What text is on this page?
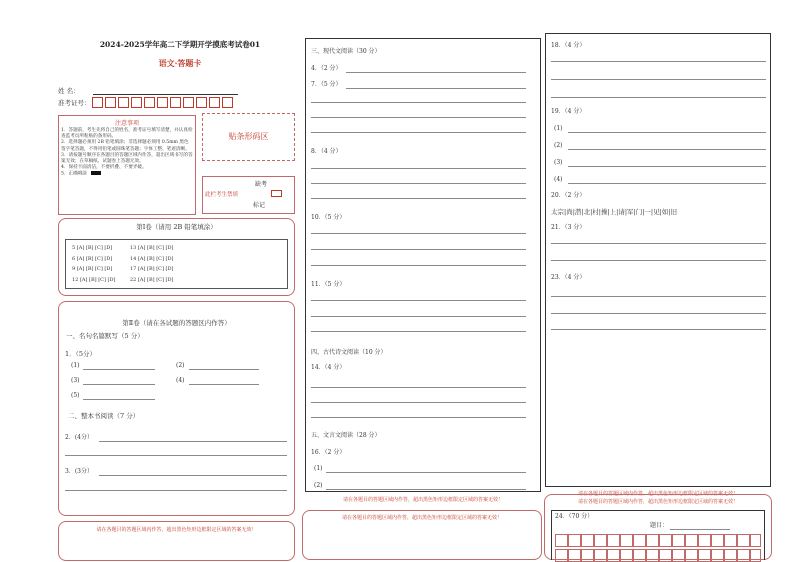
2024-2025学年高二下学期开学摸底考试卷01
语文·答题卡
姓 名：
准考证号：
注意事项
1．答题前，考生先将自己的姓名，准考证号填写清楚，并认真检查监考员所粘贴的条形码。
2．选择题必须用 2B 铅笔填涂；非选择题必须用 0.5mm 黑色签字笔答题，不得用铅笔或圆珠笔答题；字体工整、笔迹清晰。
3．请按题号顺序在各题目的答题区域内作答，超出区域书写的答案无效；在草稿纸、试题卷上答题无效。
4．保持卡面清洁，不要折叠、不要弄破。
5．正确填涂
贴条形码区
此栏考生禁填
缺考
标记
第Ⅰ卷（请用 2B 铅笔填涂）
5 [A] [B] [C] [D]
6 [A] [B] [C] [D]
9 [A] [B] [C] [D]
12 [A] [B] [C] [D]
13 [A] [B] [C] [D]
14 [A] [B] [C] [D]
17 [A] [B] [C] [D]
22 [A] [B] [C] [D]
第Ⅱ卷（请在各试题的答题区内作答）
一、名句名篇默写（5 分）
1．（5分）
(1)	(2)
(3)	(4)
(5)
二、整本书阅读（7 分）
2．(4分）
3．(3分）
请在各题目的答题区域内作答，超出黑色矩形边框限定区域的答案无效！
三、现代文阅读（30 分）
4．（2 分）
7．（5 分）
8．（4 分）
10．（5 分）
11．（5 分）
四、古代诗文阅读（10 分）
14．（4 分）
五、文言文阅读（28 分）
16．（2 分）
(1)
(2)
请在各题目的答题区域内作答，超出黑色矩形边框限定区域的答案无效！
请在各题目的答题区域内作答，超出黑色矩形边框限定区域的答案无效！
18．（4 分）
19．（4 分）
(1)
(2)
(3)
(4)
20．（2 分）
太宗|尚|潜|北|村|操|上|请|军|门|一|见|如|旧
21．（3 分）
23．（4 分）
请在各题目的答题区域内作答，超出黑色矩形边框限定区域的答案无效！
请在各题目的答题区域内作答，超出黑色矩形边框限定区域的答案无效！
24．（70 分）
题目：
